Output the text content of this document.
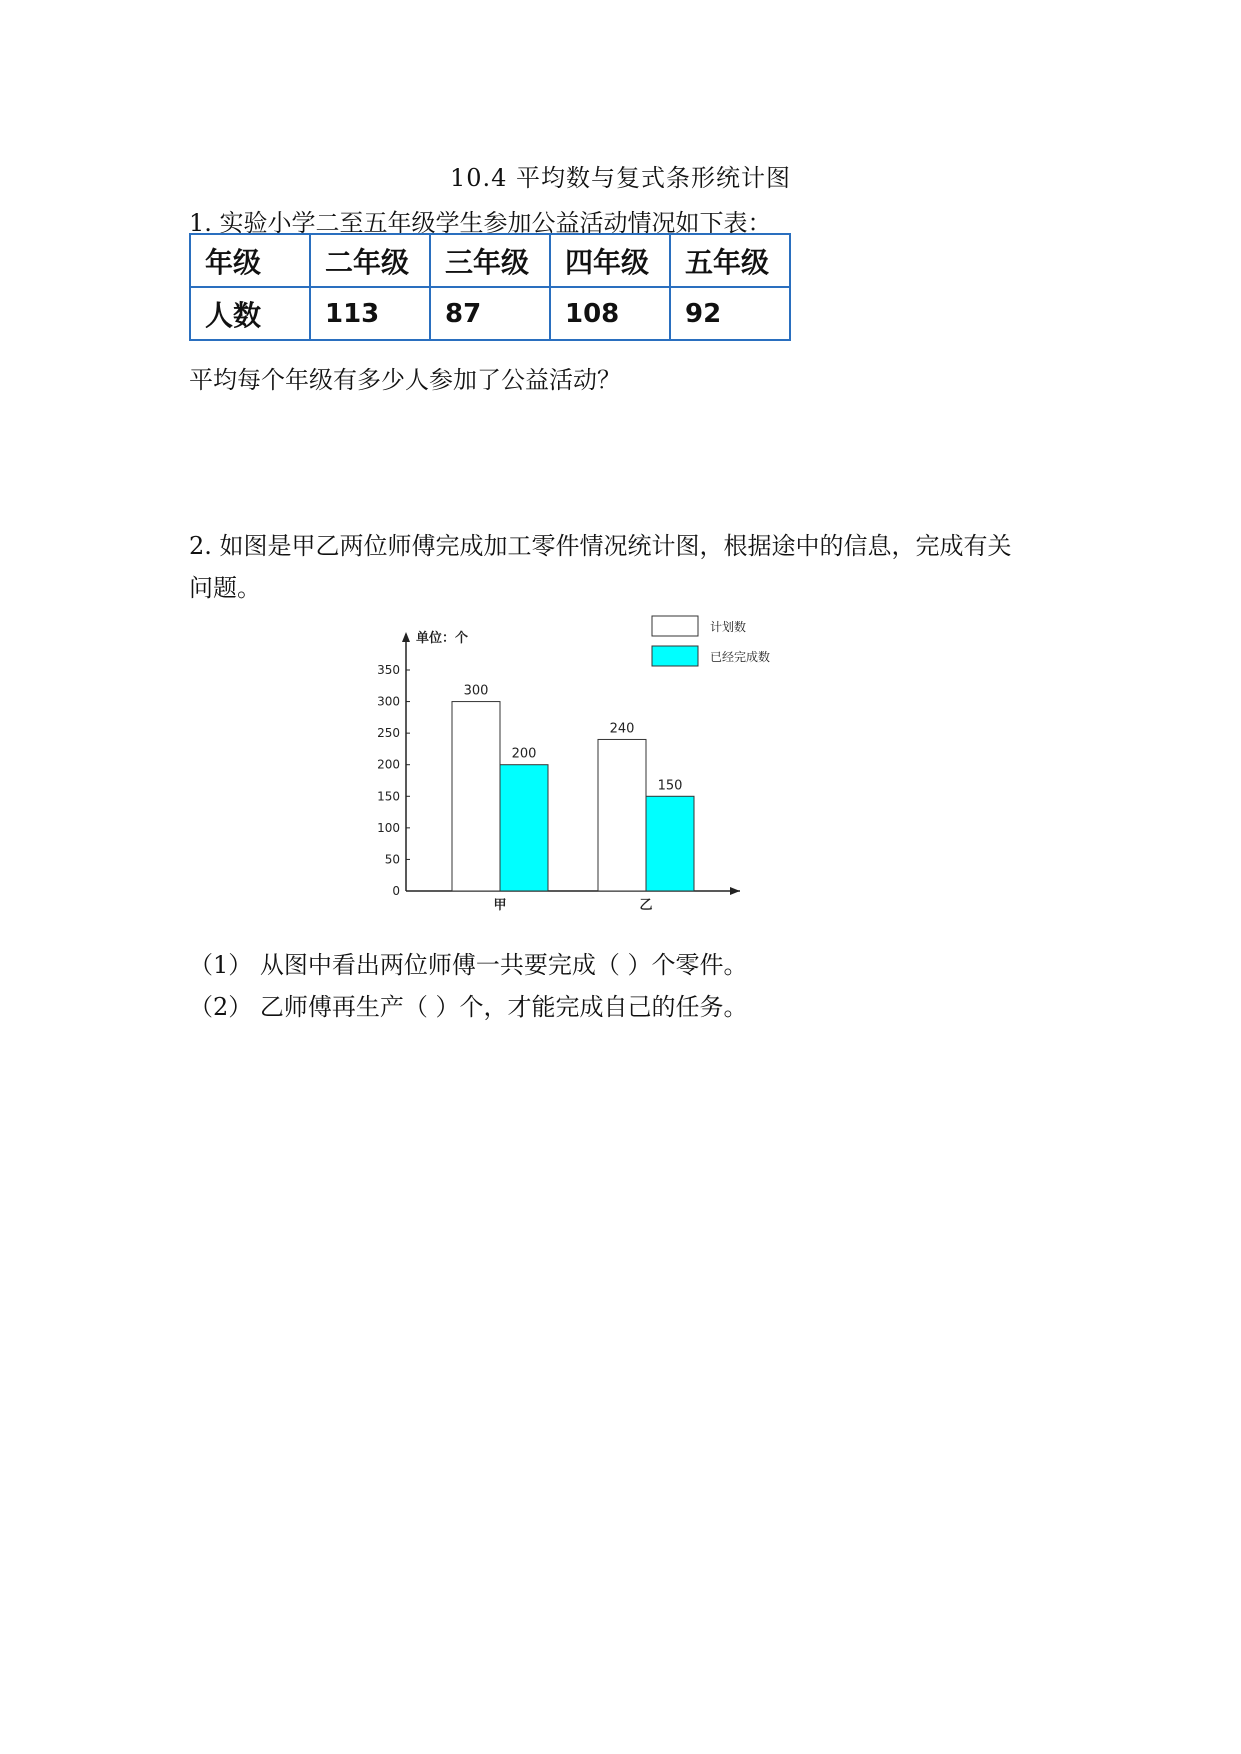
10.4 平均数与复式条形统计图
1. 实验小学二至五年级学生参加公益活动情况如下表：
年级	二年级	三年级	四年级	五年级
人数	113	87	108	92
平均每个年级有多少人参加了公益活动？
2. 如图是甲乙两位师傅完成加工零件情况统计图，根据途中的信息，完成有关
问题。
计划数
已经完成数
单位：个
0
50
100
150
200
250
300
350
300
200
甲
240
150
乙
（1） 从图中看出两位师傅一共要完成（ ）个零件。
（2） 乙师傅再生产（ ）个，才能完成自己的任务。
